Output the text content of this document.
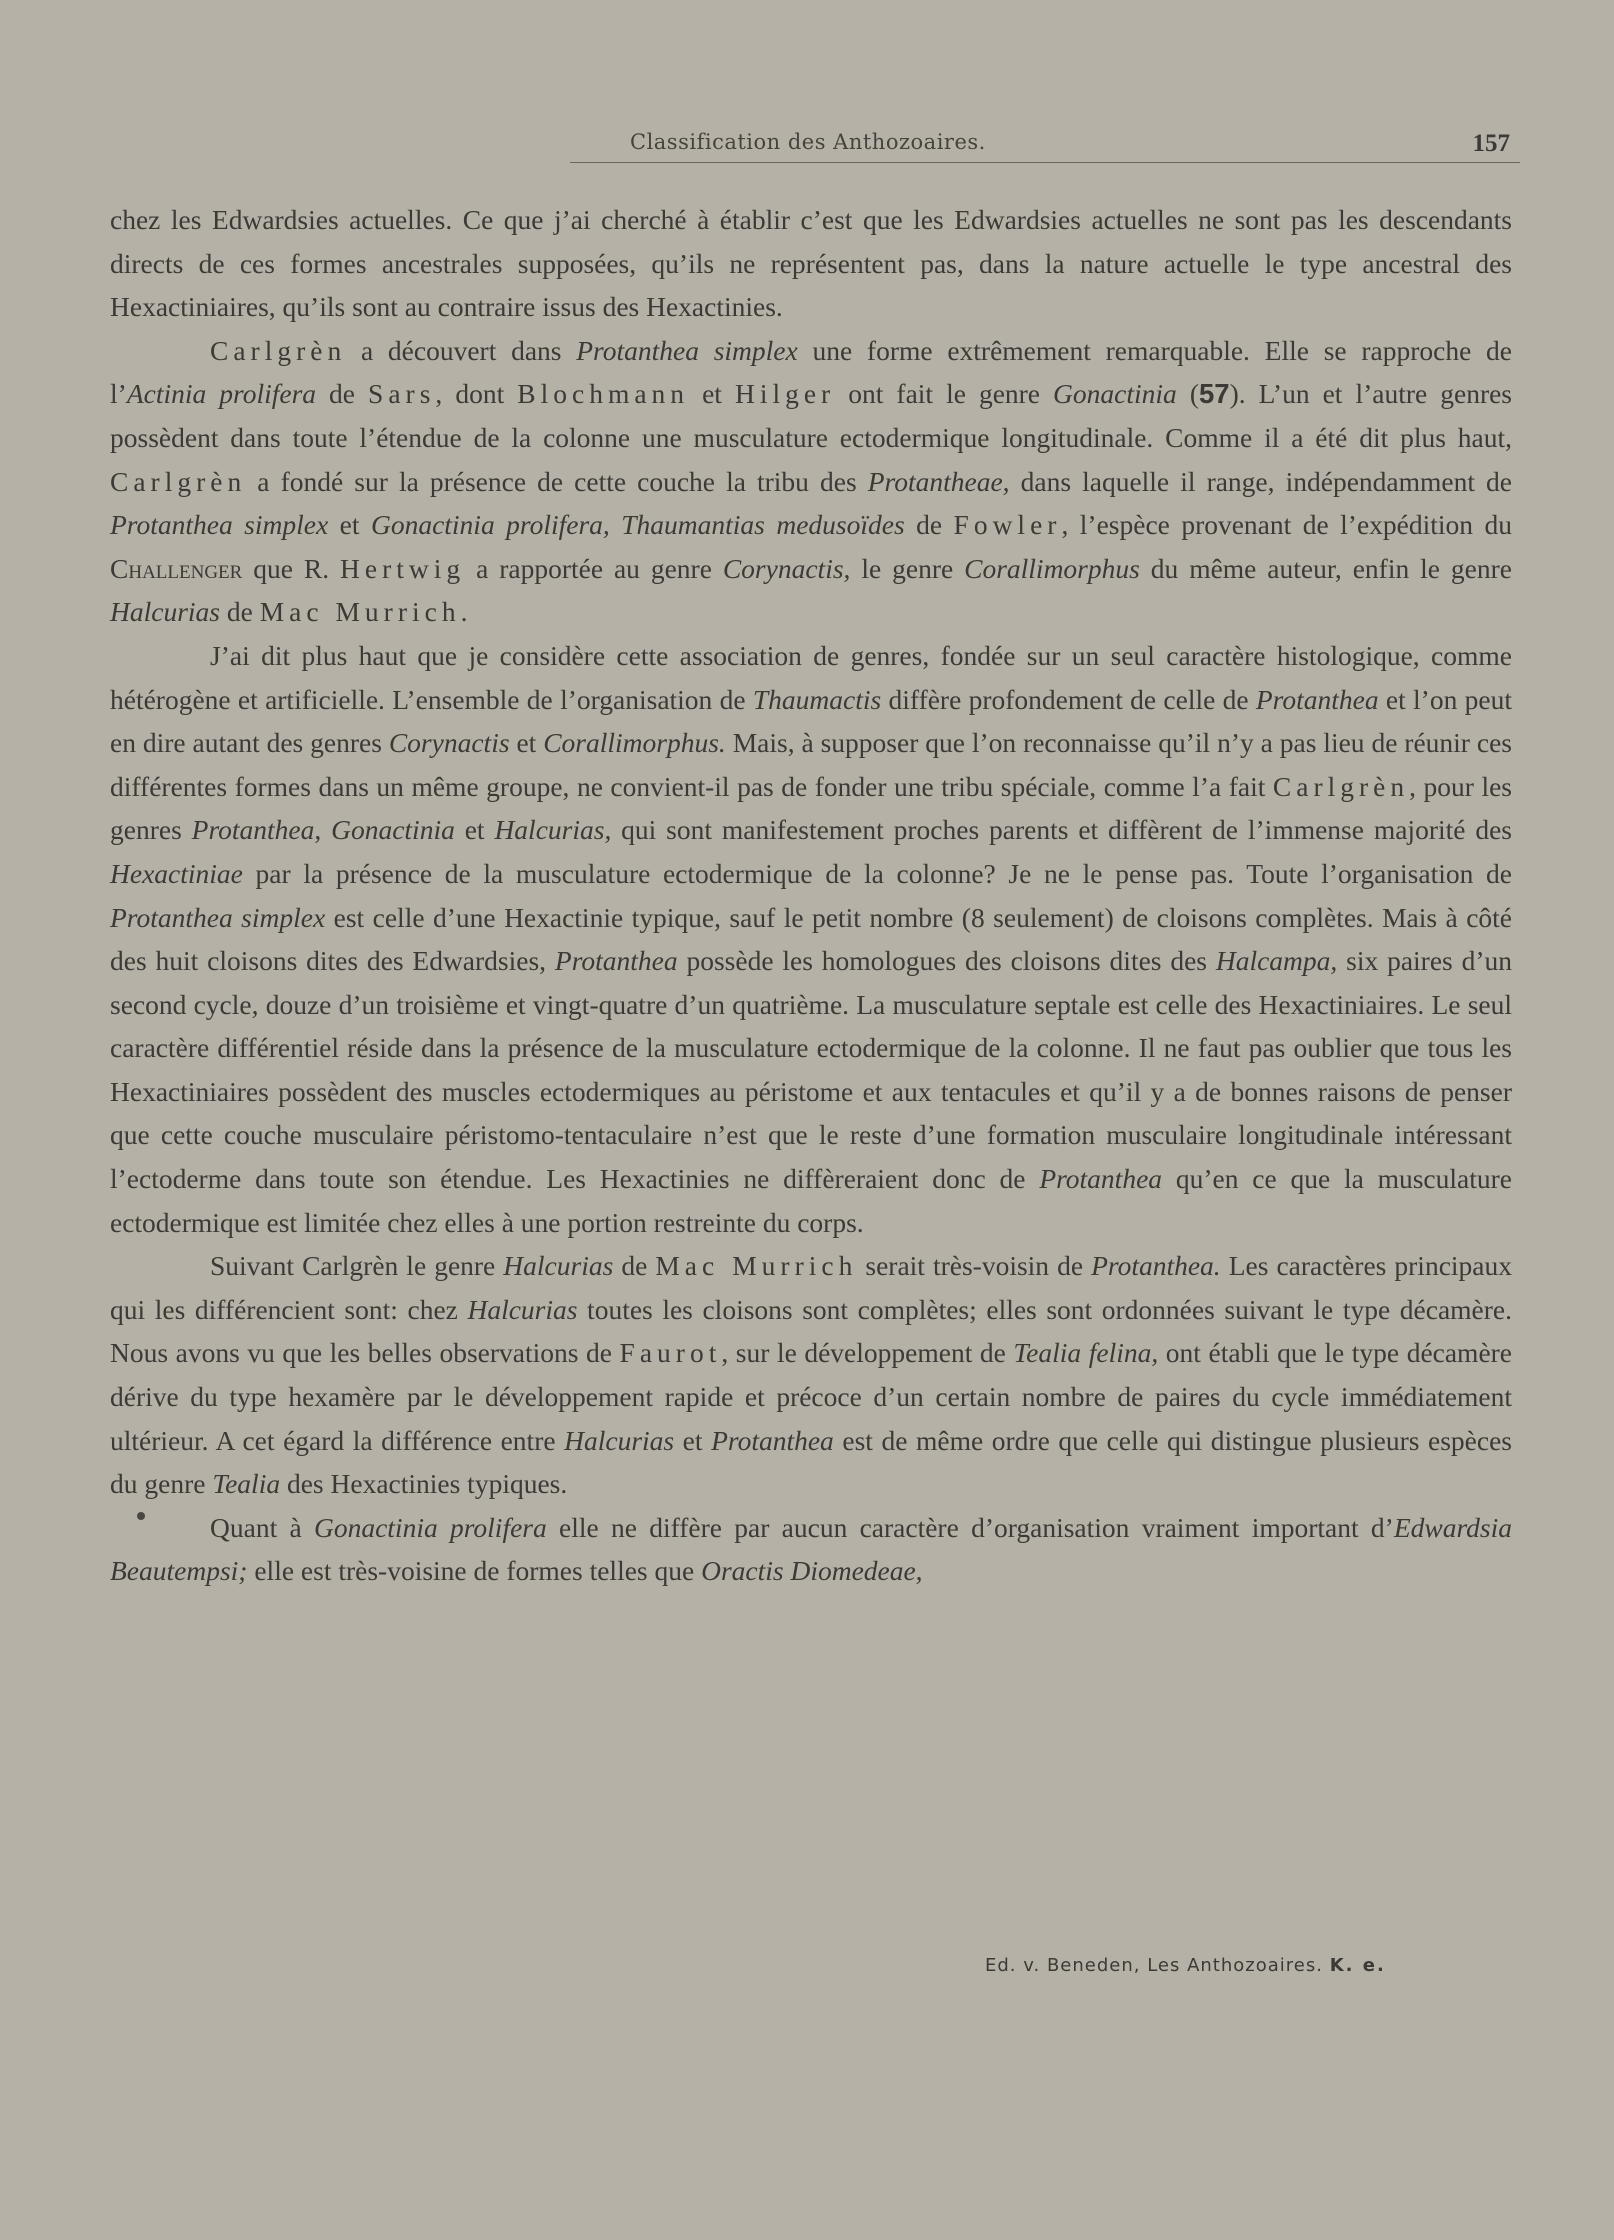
Classification des Anthozoaires.	157

chez les Edwardsies actuelles. Ce que j’ai cherché à établir c’est que les Edwardsies actuelles ne sont pas les descendants directs de ces formes ancestrales supposées, qu’ils ne représentent pas, dans la nature actuelle le type ancestral des Hexactiniaires, qu’ils sont au contraire issus des Hexactinies.

Carlgrèn a découvert dans Protanthea simplex une forme extrêmement remarquable. Elle se rapproche de l’Actinia prolifera de Sars, dont Blochmann et Hilger ont fait le genre Gonactinia (57). L’un et l’autre genres possèdent dans toute l’étendue de la colonne une musculature ectodermique longitudinale. Comme il a été dit plus haut, Carlgrèn a fondé sur la présence de cette couche la tribu des Protantheae, dans laquelle il range, indépendamment de Protanthea simplex et Gonactinia prolifera, Thaumantias medusoïdes de Fowler, l’espèce provenant de l’expédition du Challenger que R. Hertwig a rapportée au genre Corynactis, le genre Corallimorphus du même auteur, enfin le genre Halcurias de Mac Murrich.

J’ai dit plus haut que je considère cette association de genres, fondée sur un seul caractère histologique, comme hétérogène et artificielle. L’ensemble de l’organisation de Thaumactis diffère profondement de celle de Protanthea et l’on peut en dire autant des genres Corynactis et Corallimorphus. Mais, à supposer que l’on reconnaisse qu’il n’y a pas lieu de réunir ces différentes formes dans un même groupe, ne convient-il pas de fonder une tribu spéciale, comme l’a fait Carlgrèn, pour les genres Protanthea, Gonactinia et Halcurias, qui sont manifestement proches parents et diffèrent de l’immense majorité des Hexactiniae par la présence de la musculature ectodermique de la colonne? Je ne le pense pas. Toute l’organisation de Protanthea simplex est celle d’une Hexactinie typique, sauf le petit nombre (8 seulement) de cloisons complètes. Mais à côté des huit cloisons dites des Edwardsies, Protanthea possède les homologues des cloisons dites des Halcampa, six paires d’un second cycle, douze d’un troisième et vingt-quatre d’un quatrième. La musculature septale est celle des Hexactiniaires. Le seul caractère différentiel réside dans la présence de la musculature ectodermique de la colonne. Il ne faut pas oublier que tous les Hexactiniaires possèdent des muscles ectodermiques au péristome et aux tentacules et qu’il y a de bonnes raisons de penser que cette couche musculaire péristomo-tentaculaire n’est que le reste d’une formation musculaire longitudinale intéressant l’ectoderme dans toute son étendue. Les Hexactinies ne diffèreraient donc de Protanthea qu’en ce que la musculature ectodermique est limitée chez elles à une portion restreinte du corps.

Suivant Carlgrèn le genre Halcurias de Mac Murrich serait très-voisin de Protanthea. Les caractères principaux qui les différencient sont: chez Halcurias toutes les cloisons sont complètes; elles sont ordonnées suivant le type décamère. Nous avons vu que les belles observations de Faurot, sur le développement de Tealia felina, ont établi que le type décamère dérive du type hexamère par le développement rapide et précoce d’un certain nombre de paires du cycle immédiatement ultérieur. A cet égard la différence entre Halcurias et Protanthea est de même ordre que celle qui distingue plusieurs espèces du genre Tealia des Hexactinies typiques.

Quant à Gonactinia prolifera elle ne diffère par aucun caractère d’organisation vraiment important d’Edwardsia Beautempsi; elle est très-voisine de formes telles que Oractis Diomedeae,

Ed. v. Beneden, Les Anthozoaires. K. e.
